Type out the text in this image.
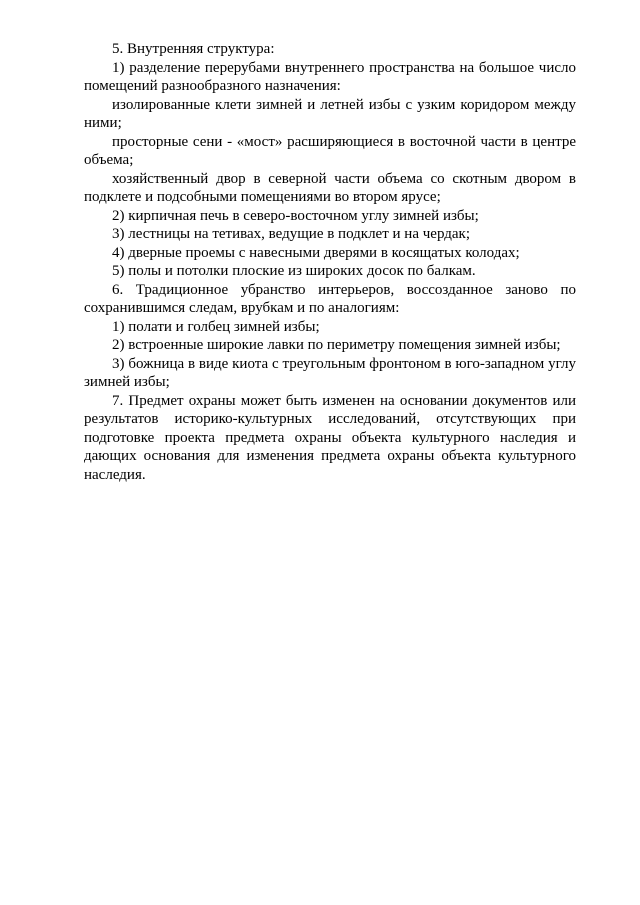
5. Внутренняя структура:

1) разделение перерубами внутреннего пространства на большое число помещений разнообразного назначения:

изолированные клети зимней и летней избы с узким коридором между ними;

просторные сени - «мост» расширяющиеся в восточной части в центре объема;

хозяйственный двор в северной части объема со скотным двором в подклете и подсобными помещениями во втором ярусе;

2) кирпичная печь в северо-восточном углу зимней избы;

3) лестницы на тетивах, ведущие в подклет и на чердак;

4) дверные проемы с навесными дверями в косящатых колодах;

5) полы и потолки плоские из широких досок по балкам.

6. Традиционное убранство интерьеров, воссозданное заново по сохранившимся следам, врубкам и по аналогиям:

1) полати и голбец зимней избы;

2) встроенные широкие лавки по периметру помещения зимней избы;

3) божница в виде киота с треугольным фронтоном в юго-западном углу зимней избы;

7. Предмет охраны может быть изменен на основании документов или результатов историко-культурных исследований, отсутствующих при подготовке проекта предмета охраны объекта культурного наследия и дающих основания для изменения предмета охраны объекта культурного наследия.
